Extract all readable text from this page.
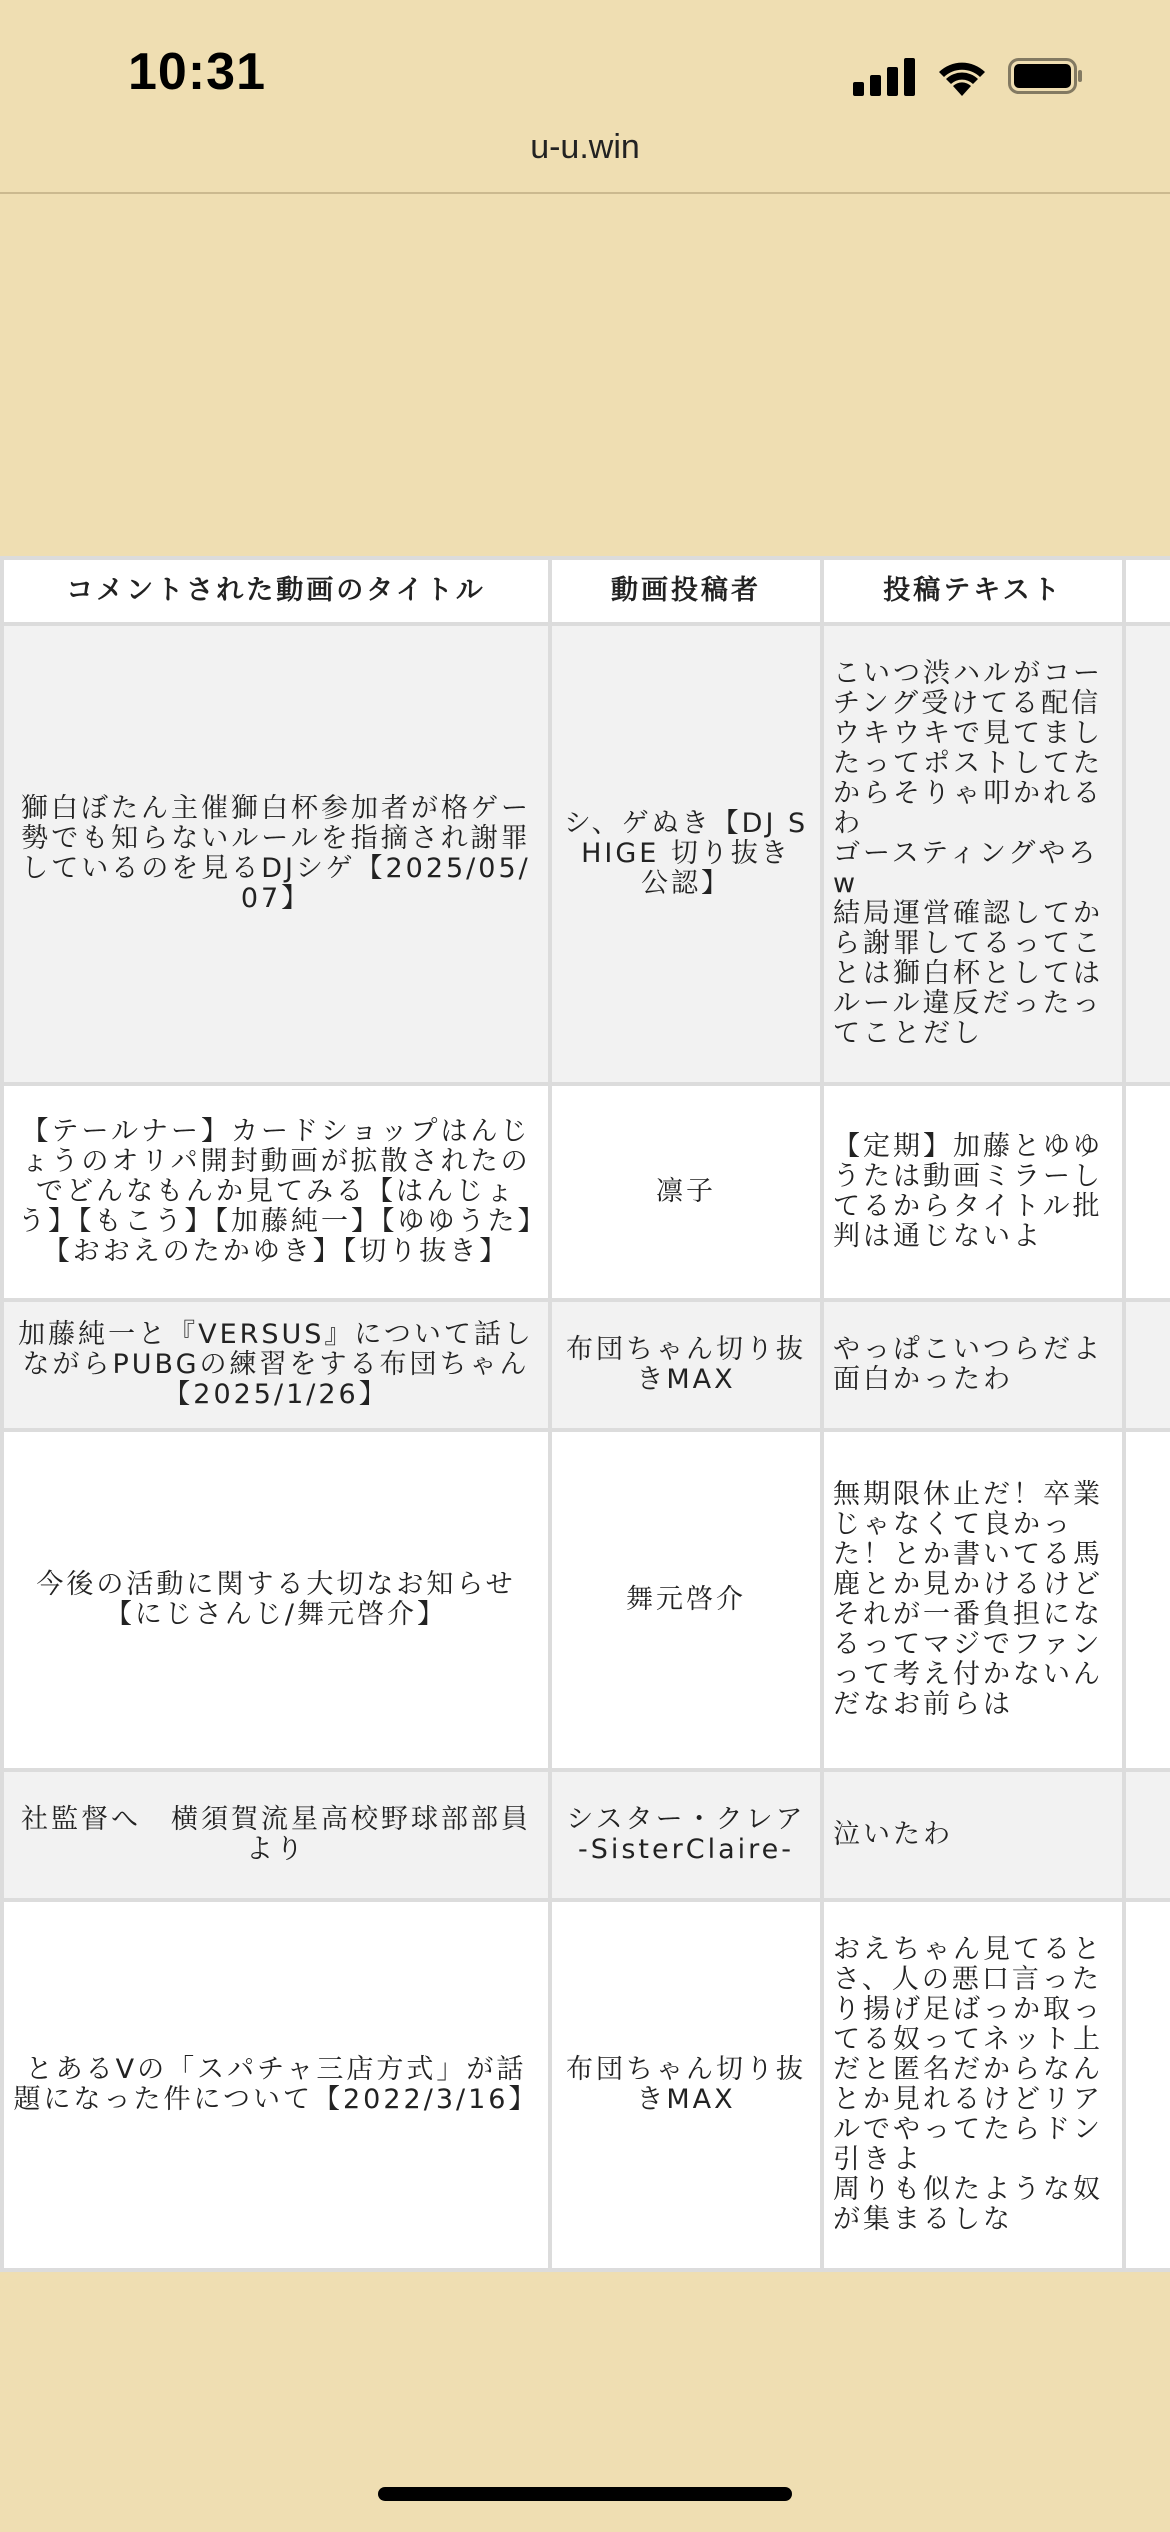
10:31
u-u.win
コメントされた動画のタイトル	動画投稿者	投稿テキスト	
獅白ぼたん主催獅白杯参加者が格ゲー勢でも知らないルールを指摘され謝罪しているのを見るDJシゲ【2025/05/07】	シ、ゲぬき【DJ SHIGE 切り抜き 公認】	こいつ渋ハルがコーチング受けてる配信ウキウキで見てましたってポストしてたからそりゃ叩かれるわ
ゴースティングやろw
結局運営確認してから謝罪してるってことは獅白杯としてはルール違反だったってことだし	
【テールナー】カードショップはんじょうのオリパ開封動画が拡散されたのでどんなもんか見てみる【はんじょう】【もこう】【加藤純一】【ゆゆうた】【おおえのたかゆき】【切り抜き】	凛子	【定期】加藤とゆゆうたは動画ミラーしてるからタイトル批判は通じないよ	
加藤純一と『VERSUS』について話しながらPUBGの練習をする布団ちゃん【2025/1/26】	布団ちゃん切り抜きMAX	やっぱこいつらだよ面白かったわ	
今後の活動に関する大切なお知らせ【にじさんじ/舞元啓介】	舞元啓介	無期限休止だ！卒業じゃなくて良かった！とか書いてる馬鹿とか見かけるけど
それが一番負担になるってマジでファンって考え付かないんだなお前らは	
社監督へ　横須賀流星高校野球部部員より	シスター・クレア -SisterClaire-	泣いたわ	
とあるVの「スパチャ三店方式」が話題になった件について【2022/3/16】	布団ちゃん切り抜きMAX	おえちゃん見てるとさ、人の悪口言ったり揚げ足ばっか取ってる奴ってネット上だと匿名だからなんとか見れるけどリアルでやってたらドン引きよ
周りも似たような奴が集まるしな	
